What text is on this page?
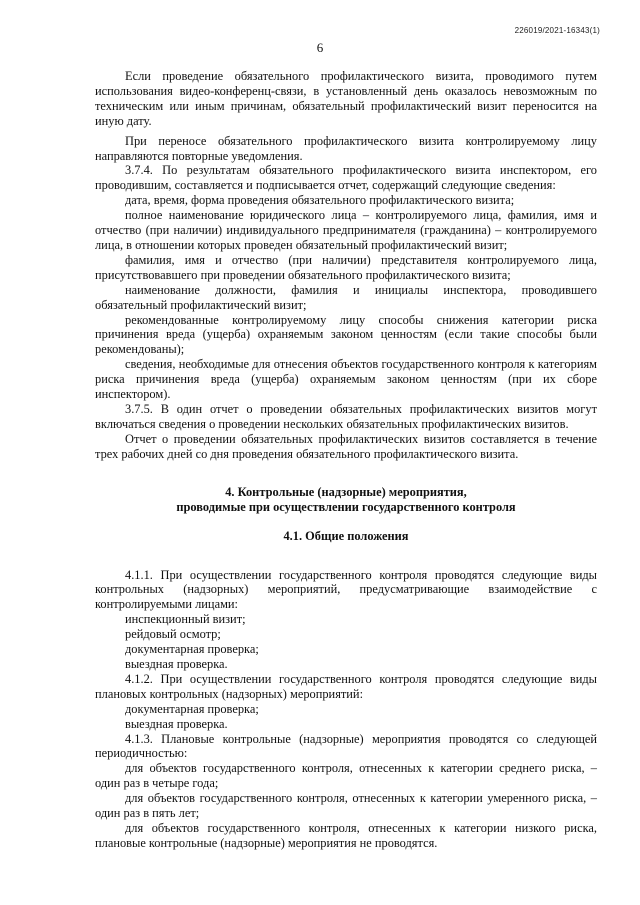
226019/2021-16343(1)
6

Если проведение обязательного профилактического визита, проводимого путем использования видео-конференц-связи, в установленный день оказалось невозможным по техническим или иным причинам, обязательный профилактический визит переносится на иную дату.

При переносе обязательного профилактического визита контролируемому лицу направляются повторные уведомления.

3.7.4. По результатам обязательного профилактического визита инспектором, его проводившим, составляется и подписывается отчет, содержащий следующие сведения:

дата, время, форма проведения обязательного профилактического визита;

полное наименование юридического лица – контролируемого лица, фамилия, имя и отчество (при наличии) индивидуального предпринимателя (гражданина) – контролируемого лица, в отношении которых проведен обязательный профилактический визит;

фамилия, имя и отчество (при наличии) представителя контролируемого лица, присутствовавшего при проведении обязательного профилактического визита;

наименование должности, фамилия и инициалы инспектора, проводившего обязательный профилактический визит;

рекомендованные контролируемому лицу способы снижения категории риска причинения вреда (ущерба) охраняемым законом ценностям (если такие способы были рекомендованы);

сведения, необходимые для отнесения объектов государственного контроля к категориям риска причинения вреда (ущерба) охраняемым законом ценностям (при их сборе инспектором).

3.7.5. В один отчет о проведении обязательных профилактических визитов могут включаться сведения о проведении нескольких обязательных профилактических визитов.

Отчет о проведении обязательных профилактических визитов составляется в течение трех рабочих дней со дня проведения обязательного профилактического визита.

4. Контрольные (надзорные) мероприятия,

проводимые при осуществлении государственного контроля

4.1. Общие положения

4.1.1. При осуществлении государственного контроля проводятся следующие виды контрольных (надзорных) мероприятий, предусматривающие взаимодействие с контролируемыми лицами:

инспекционный визит;

рейдовый осмотр;

документарная проверка;

выездная проверка.

4.1.2. При осуществлении государственного контроля проводятся следующие виды плановых контрольных (надзорных) мероприятий:

документарная проверка;

выездная проверка.

4.1.3. Плановые контрольные (надзорные) мероприятия проводятся со следующей периодичностью:

для объектов государственного контроля, отнесенных к категории среднего риска, – один раз в четыре года;

для объектов государственного контроля, отнесенных к категории умеренного риска, – один раз в пять лет;

для объектов государственного контроля, отнесенных к категории низкого риска, плановые контрольные (надзорные) мероприятия не проводятся.
